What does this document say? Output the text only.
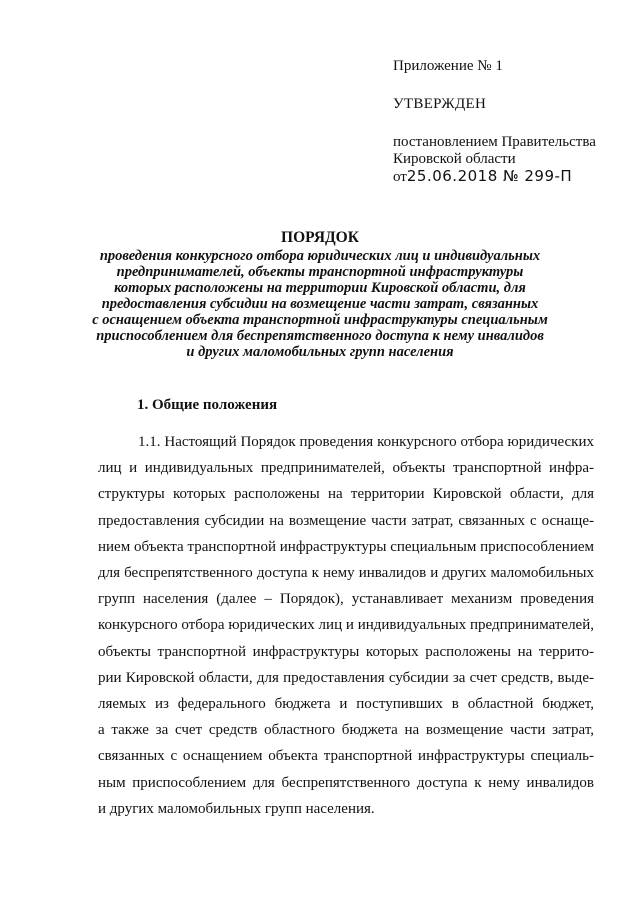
Приложение № 1

УТВЕРЖДЕН

постановлением Правительства
Кировской области
от25.06.2018 № 299-П

ПОРЯДОК
проведения конкурсного отбора юридических лиц и индивидуальных
предпринимателей, объекты транспортной инфраструктуры
которых расположены на территории Кировской области, для
предоставления субсидии на возмещение части затрат, связанных
с оснащением объекта транспортной инфраструктуры специальным
приспособлением для беспрепятственного доступа к нему инвалидов
и других маломобильных групп населения
1. Общие положения
1.1. Настоящий Порядок проведения конкурсного отбора юридических
лиц и индивидуальных предпринимателей, объекты транспортной инфра-
структуры которых расположены на территории Кировской области, для
предоставления субсидии на возмещение части затрат, связанных с оснаще-
нием объекта транспортной инфраструктуры специальным приспособлением
для беспрепятственного доступа к нему инвалидов и других маломобильных
групп населения (далее – Порядок), устанавливает механизм проведения
конкурсного отбора юридических лиц и индивидуальных предпринимателей,
объекты транспортной инфраструктуры которых расположены на террито-
рии Кировской области, для предоставления субсидии за счет средств, выде-
ляемых из федерального бюджета и поступивших в областной бюджет,
а также за счет средств областного бюджета на возмещение части затрат,
связанных с оснащением объекта транспортной инфраструктуры специаль-
ным приспособлением для беспрепятственного доступа к нему инвалидов
и других маломобильных групп населения.
